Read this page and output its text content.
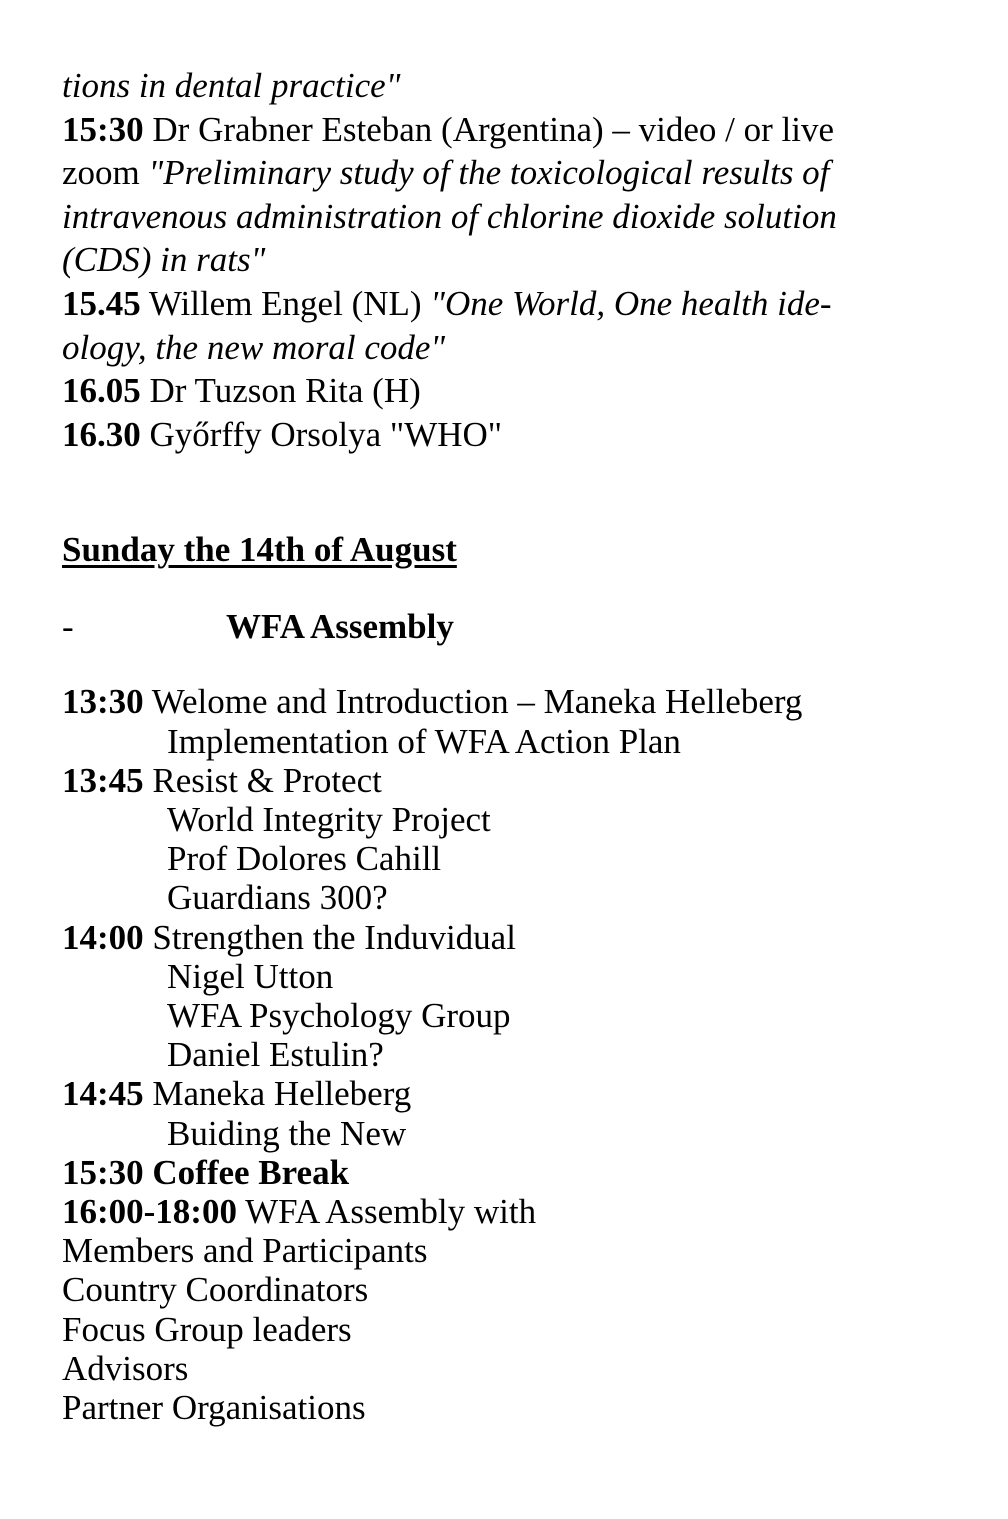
tions in dental practice"
15:30 Dr Grabner Esteban (Argentina) – video / or live
zoom "Preliminary study of the toxicological results of
intravenous administration of chlorine dioxide solution
(CDS) in rats"
15.45 Willem Engel (NL) "One World, One health ide-
ology, the new moral code"
16.05 Dr Tuzson Rita (H)
16.30 Győrffy Orsolya "WHO"
Sunday the 14th of August
-	WFA Assembly
13:30 Welome and Introduction – Maneka Helleberg
Implementation of WFA Action Plan
13:45 Resist & Protect
World Integrity Project
Prof Dolores Cahill
Guardians 300?
14:00 Strengthen the Induvidual
Nigel Utton
WFA Psychology Group
Daniel Estulin?
14:45 Maneka Helleberg
Buiding the New
15:30 Coffee Break
16:00-18:00 WFA Assembly with
Members and Participants
Country Coordinators
Focus Group leaders
Advisors
Partner Organisations
